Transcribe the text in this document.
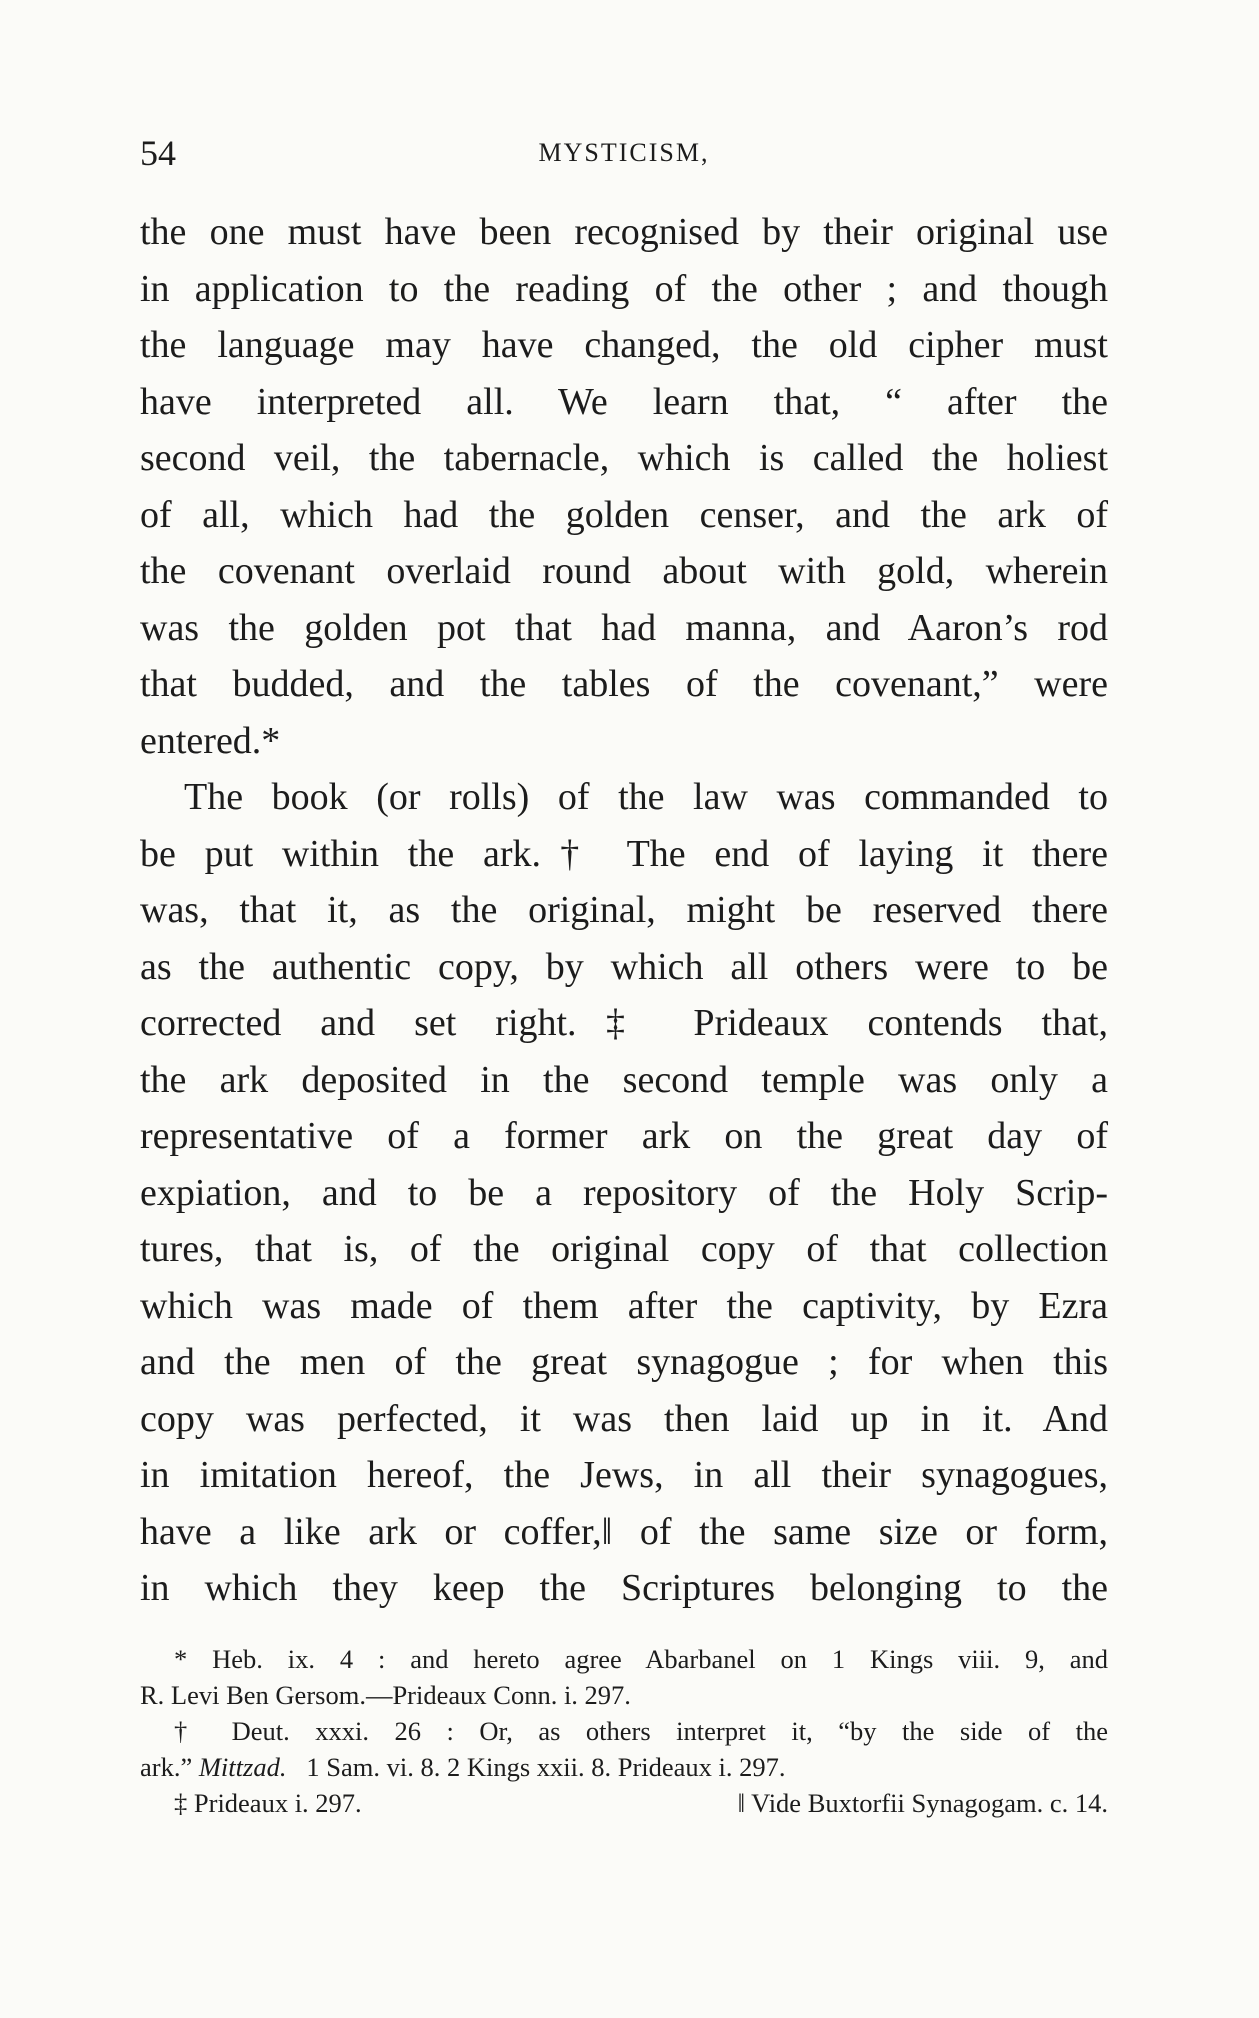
54	MYSTICISM,
the one must have been recognised by their original use
in application to the reading of the other ; and though
the language may have changed, the old cipher must
have interpreted all. We learn that, “ after the
second veil, the tabernacle, which is called the holiest
of all, which had the golden censer, and the ark of
the covenant overlaid round about with gold, wherein
was the golden pot that had manna, and Aaron’s rod
that budded, and the tables of the covenant,” were
entered.*
The book (or rolls) of the law was commanded to
be put within the ark.† The end of laying it there
was, that it, as the original, might be reserved there
as the authentic copy, by which all others were to be
corrected and set right.‡ Prideaux contends that,
the ark deposited in the second temple was only a
representative of a former ark on the great day of
expiation, and to be a repository of the Holy Scrip-
tures, that is, of the original copy of that collection
which was made of them after the captivity, by Ezra
and the men of the great synagogue ; for when this
copy was perfected, it was then laid up in it. And
in imitation hereof, the Jews, in all their synagogues,
have a like ark or coffer,‖ of the same size or form,
in which they keep the Scriptures belonging to the
* Heb. ix. 4 : and hereto agree Abarbanel on 1 Kings viii. 9, and
R. Levi Ben Gersom.—Prideaux Conn. i. 297.
† Deut. xxxi. 26 : Or, as others interpret it, “by the side of the
ark.” Mittzad. 1 Sam. vi. 8. 2 Kings xxii. 8. Prideaux i. 297.
‡ Prideaux i. 297.	‖ Vide Buxtorfii Synagogam. c. 14.
